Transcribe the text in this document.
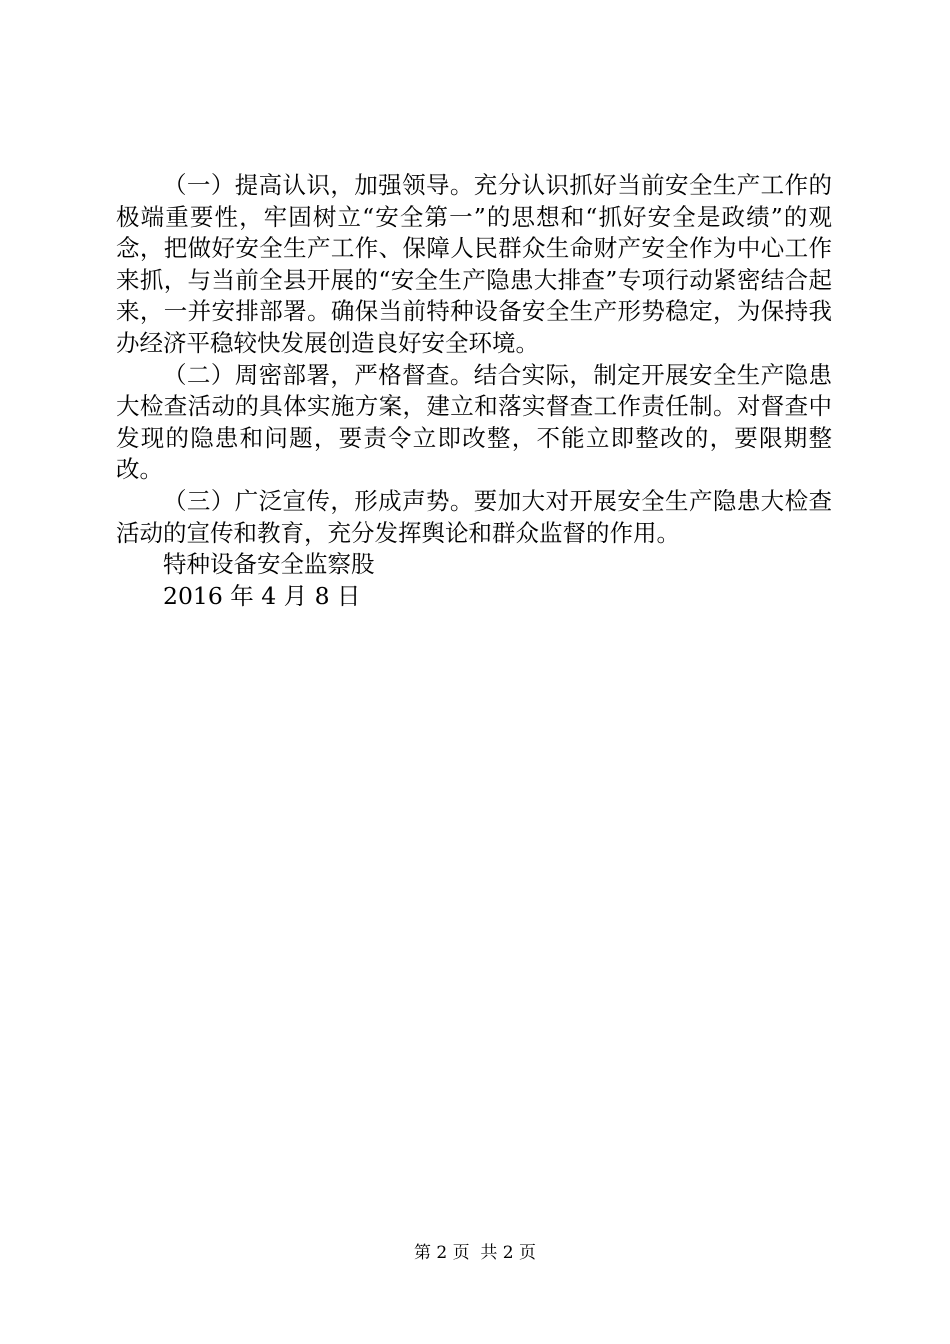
（一）提高认识，加强领导。充分认识抓好当前安全生产工作的极端重要性，牢固树立“安全第一”的思想和“抓好安全是政绩”的观念，把做好安全生产工作、保障人民群众生命财产安全作为中心工作来抓，与当前全县开展的“安全生产隐患大排查”专项行动紧密结合起来，一并安排部署。确保当前特种设备安全生产形势稳定，为保持我办经济平稳较快发展创造良好安全环境。

（二）周密部署，严格督查。结合实际，制定开展安全生产隐患大检查活动的具体实施方案，建立和落实督查工作责任制。对督查中发现的隐患和问题，要责令立即改整，不能立即整改的，要限期整改。

（三）广泛宣传，形成声势。要加大对开展安全生产隐患大检查活动的宣传和教育，充分发挥舆论和群众监督的作用。

特种设备安全监察股

2016 年 4 月 8 日

第 2 页  共 2 页
